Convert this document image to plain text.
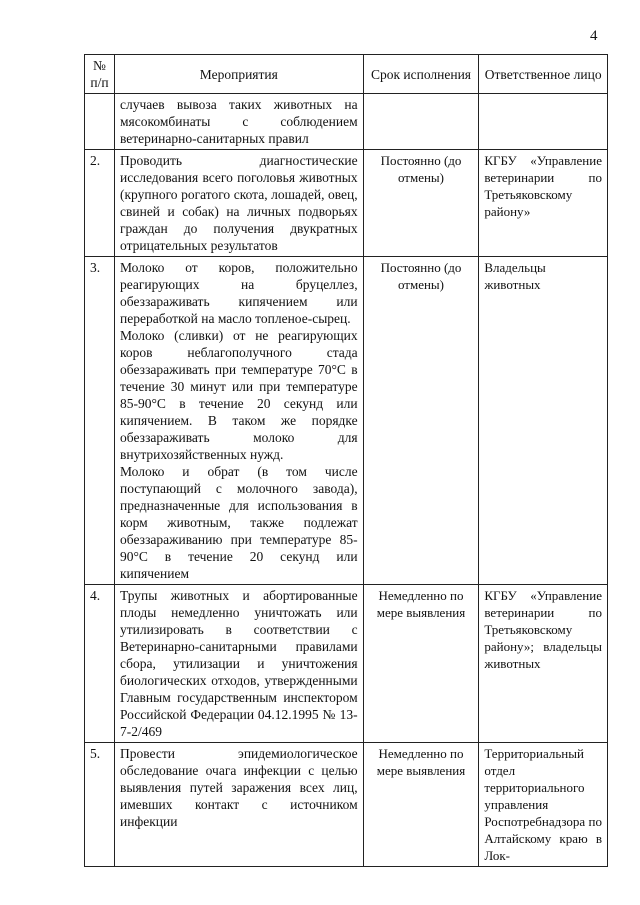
4
№ п/п	Мероприятия	Срок исполнения	Ответственное лицо

	случаев вывоза таких животных на мясокомбинаты с соблюдением ветеринарно-санитарных правил		

2.	Проводить диагностические исследования всего поголовья животных (крупного рогатого скота, лошадей, овец, свиней и собак) на личных подворьях граждан до получения двукратных отрицательных результатов	Постоянно (до отмены)	КГБУ «Управление ветеринарии по Третьяковскому району»
3.	Молоко от коров, положительно реагирующих на бруцеллез, обеззараживать кипячением или переработкой на масло топленое-сырец.
Молоко (сливки) от не реагирующих коров неблагополучного стада обеззараживать при температуре 70°С в течение 30 минут или при температуре 85-90°С в течение 20 секунд или кипячением. В таком же порядке обеззараживать молоко для внутрихозяйственных нужд.
Молоко и обрат (в том числе поступающий с молочного завода), предназначенные для использования в корм животным, также подлежат обеззараживанию при температуре 85-90°С в течение 20 секунд или кипячением	Постоянно (до отмены)	Владельцы животных
4.	Трупы животных и абортированные плоды немедленно уничтожать или утилизировать в соответствии с Ветеринарно-санитарными правилами сбора, утилизации и уничтожения биологических отходов, утвержденными Главным государственным инспектором Российской Федерации 04.12.1995 № 13-7-2/469	Немедленно по мере выявления	КГБУ «Управление ветеринарии по Третьяковскому району»; владельцы животных
5.	Провести эпидемиологическое обследование очага инфекции с целью выявления путей заражения всех лиц, имевших контакт с источником инфекции	Немедленно по мере выявления	Территориальный отдел территориального управления Роспотребнадзора по Алтайскому краю в Лок-
